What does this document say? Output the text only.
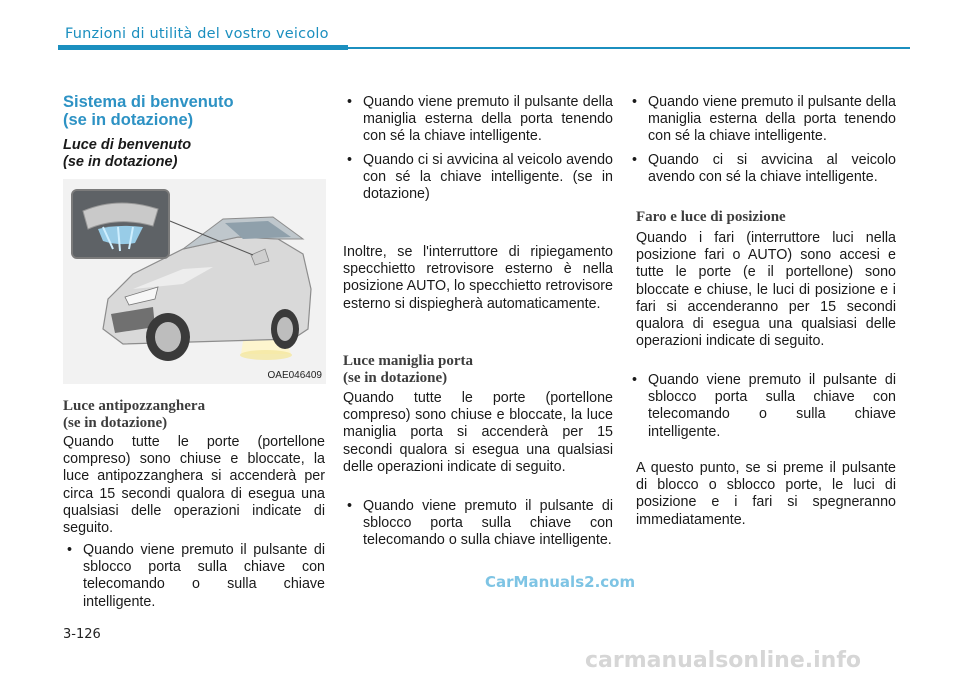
Funzioni di utilità del vostro veicolo
Sistema di benvenuto
(se in dotazione)
Luce di benvenuto
(se in dotazione)
OAE046409
Luce antipozzanghera
(se in dotazione)

Quando tutte le porte (portellone compreso) sono chiuse e bloccate, la luce antipozzanghera si accenderà per circa 15 secondi qualora di esegua una qualsiasi delle operazioni indicate di seguito.

• Quando viene premuto il pulsante di sblocco porta sulla chiave con telecomando o sulla chiave intelligente.
• Quando viene premuto il pulsante della maniglia esterna della porta tenendo con sé la chiave intelligente.
• Quando ci si avvicina al veicolo avendo con sé la chiave intelligente. (se in dotazione)

Inoltre, se l'interruttore di ripiegamento specchietto retrovisore esterno è nella posizione AUTO, lo specchietto retrovisore esterno si dispiegherà automaticamente.

Luce maniglia porta
(se in dotazione)

Quando tutte le porte (portellone compreso) sono chiuse e bloccate, la luce maniglia porta si accenderà per 15 secondi qualora si esegua una qualsiasi delle operazioni indicate di seguito.

• Quando viene premuto il pulsante di sblocco porta sulla chiave con telecomando o sulla chiave intelligente.
• Quando viene premuto il pulsante della maniglia esterna della porta tenendo con sé la chiave intelligente.
• Quando ci si avvicina al veicolo avendo con sé la chiave intelligente.
Faro e luce di posizione

Quando i fari (interruttore luci nella posizione fari o AUTO) sono accesi e tutte le porte (e il portellone) sono bloccate e chiuse, le luci di posizione e i fari si accenderanno per 15 secondi qualora di esegua una qualsiasi delle operazioni indicate di seguito.

• Quando viene premuto il pulsante di sblocco porta sulla chiave con telecomando o sulla chiave intelligente.

A questo punto, se si preme il pulsante di blocco o sblocco porte, le luci di posizione e i fari si spegneranno immediatamente.

CarManuals2.com
3-126
carmanualsonline.info
